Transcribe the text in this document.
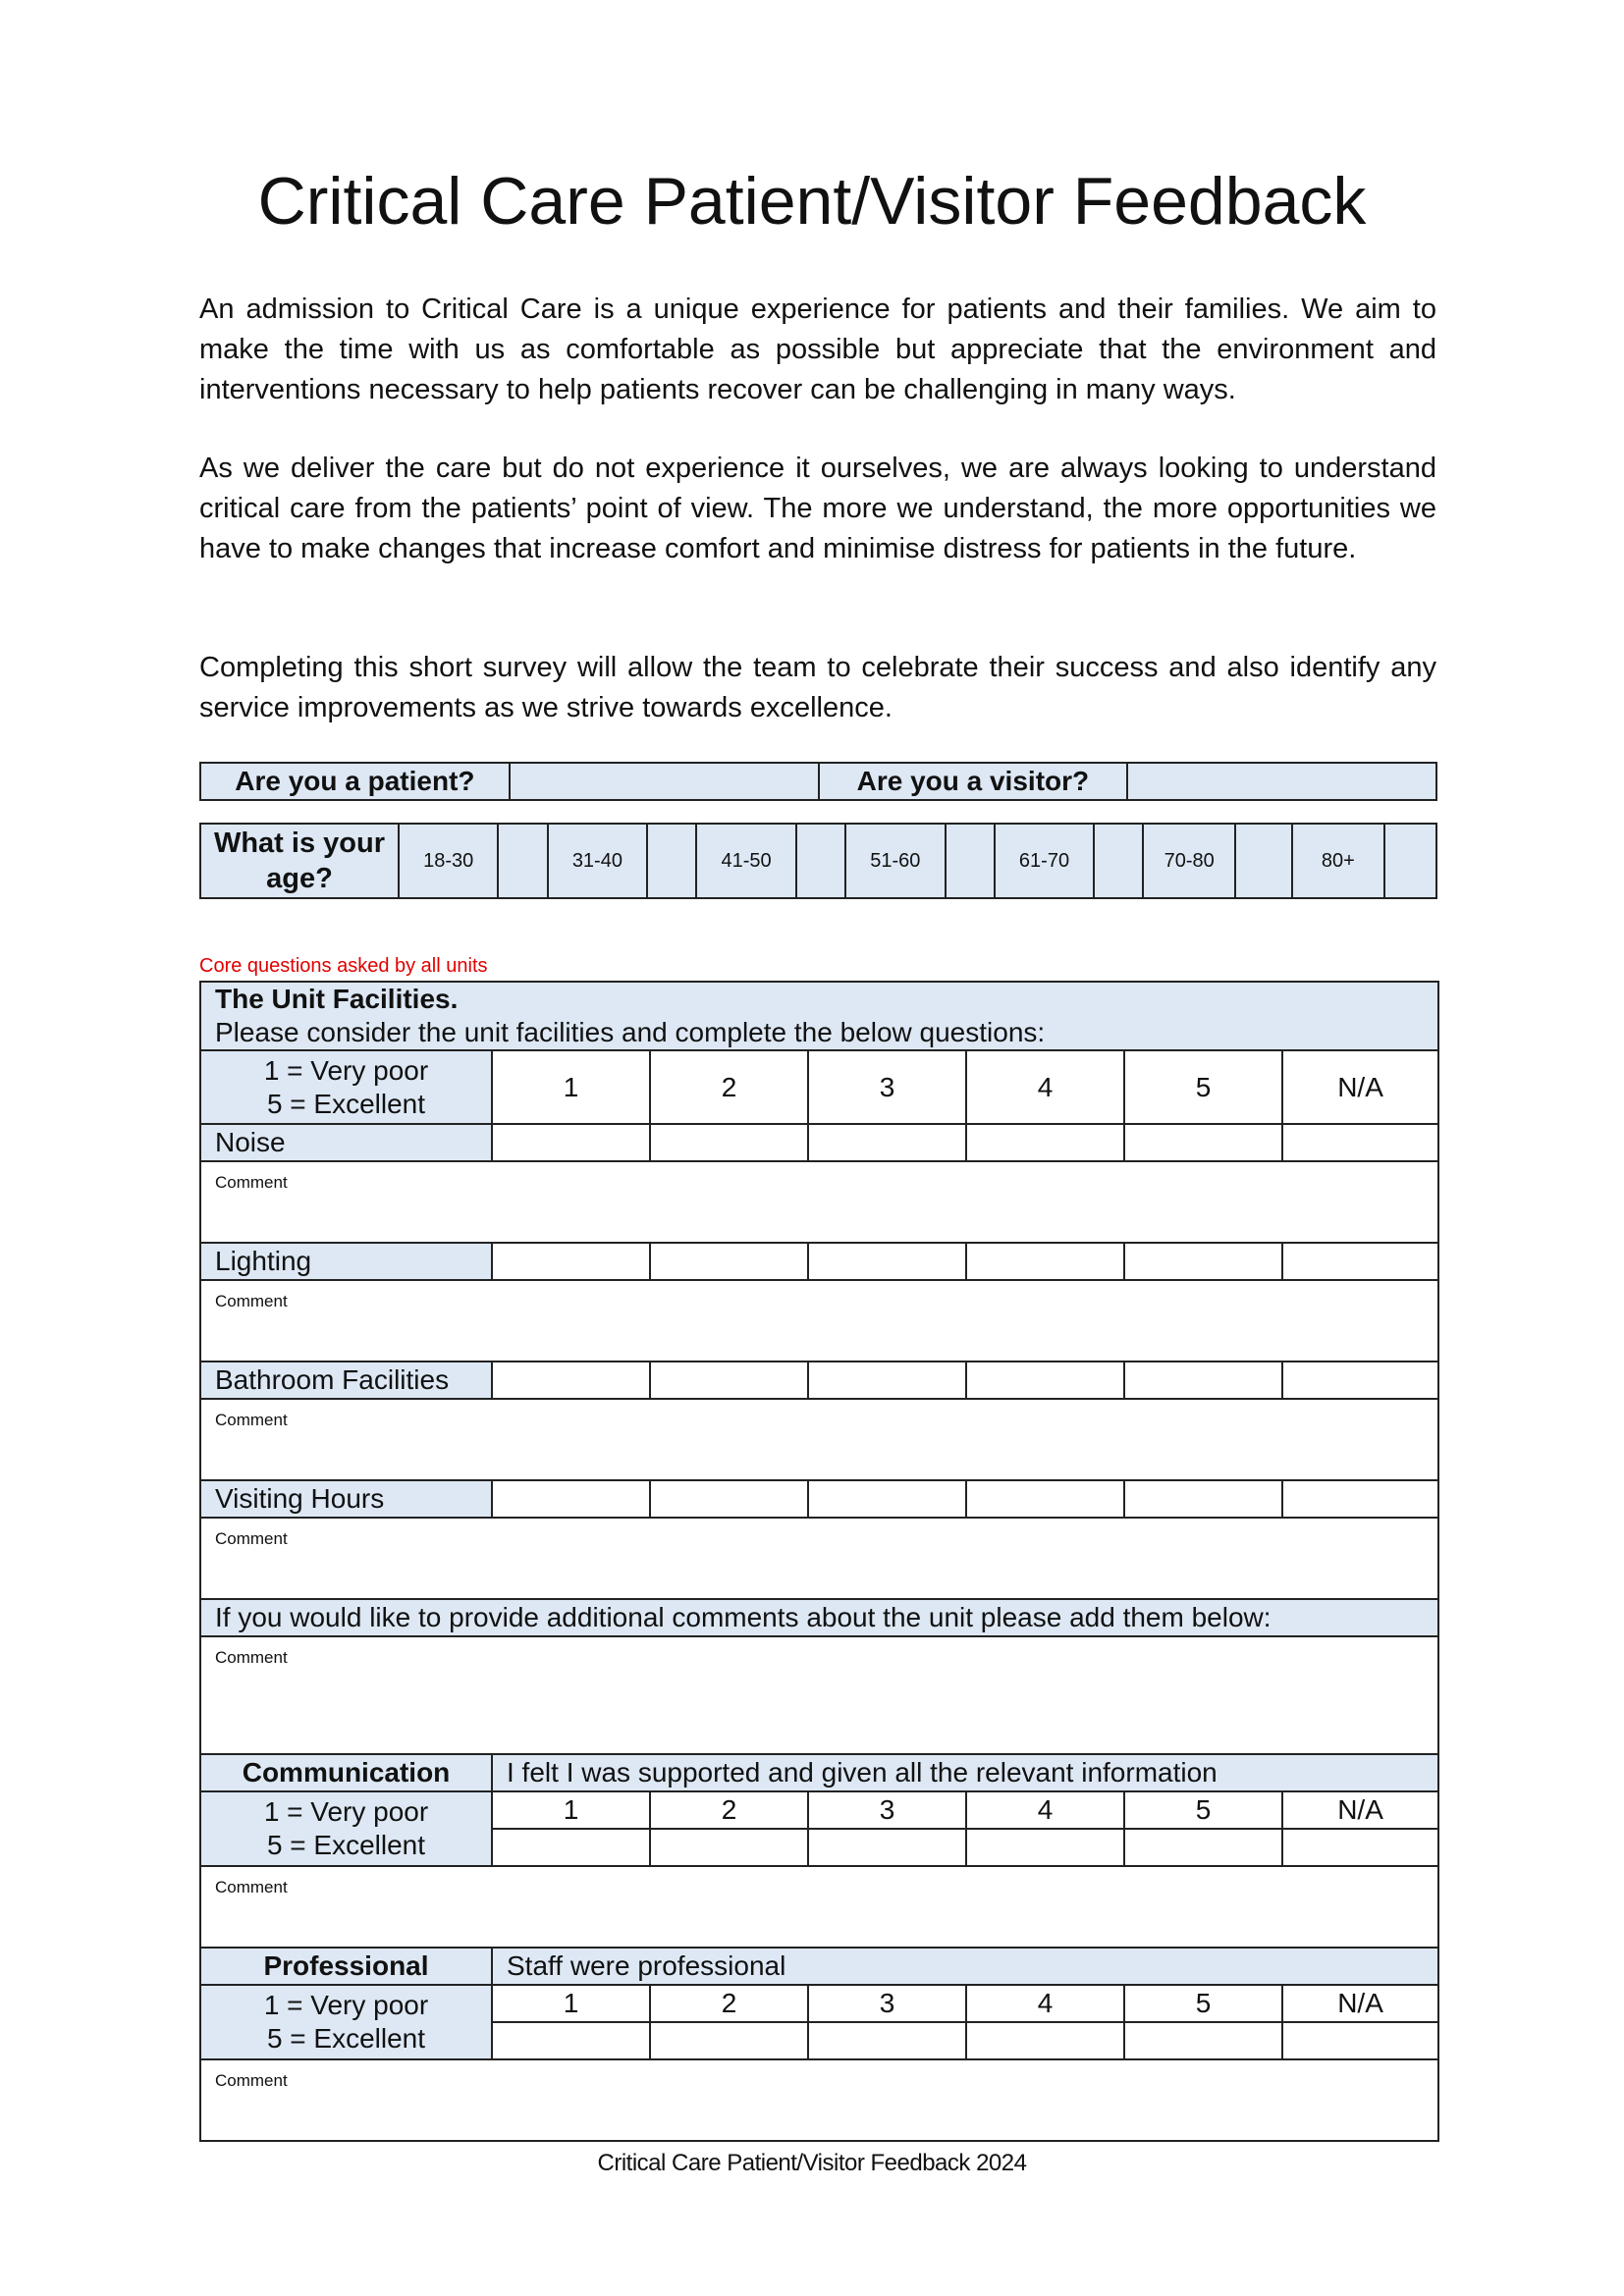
Critical Care Patient/Visitor Feedback

An admission to Critical Care is a unique experience for patients and their families. We aim to make the time with us as comfortable as possible but appreciate that the environment and interventions necessary to help patients recover can be challenging in many ways.

As we deliver the care but do not experience it ourselves, we are always looking to understand critical care from the patients’ point of view. The more we understand, the more opportunities we have to make changes that increase comfort and minimise distress for patients in the future.

Completing this short survey will allow the team to celebrate their success and also identify any service improvements as we strive towards excellence.

Are you a patient?		Are you a visitor?	
What is your age?	18-30		31-40		41-50		51-60		61-70		70-80		80+	
Core questions asked by all units
The Unit Facilities.
Please consider the unit facilities and complete the below questions:						

1 = Very poor
5 = Excellent	1	2	3	4	5	N/A
Noise						
Comment						
Lighting						
Comment						
Bathroom Facilities						
Comment						
Visiting Hours						
Comment						
If you would like to provide additional comments about the unit please add them below:						
Comment						
Communication	I felt I was supported and given all the relevant information					

1 = Very poor
5 = Excellent	1	2	3	4	5	N/A

Comment						
Professional	Staff were professional					

1 = Very poor
5 = Excellent	1	2	3	4	5	N/A

Comment						
Critical Care Patient/Visitor Feedback 2024
